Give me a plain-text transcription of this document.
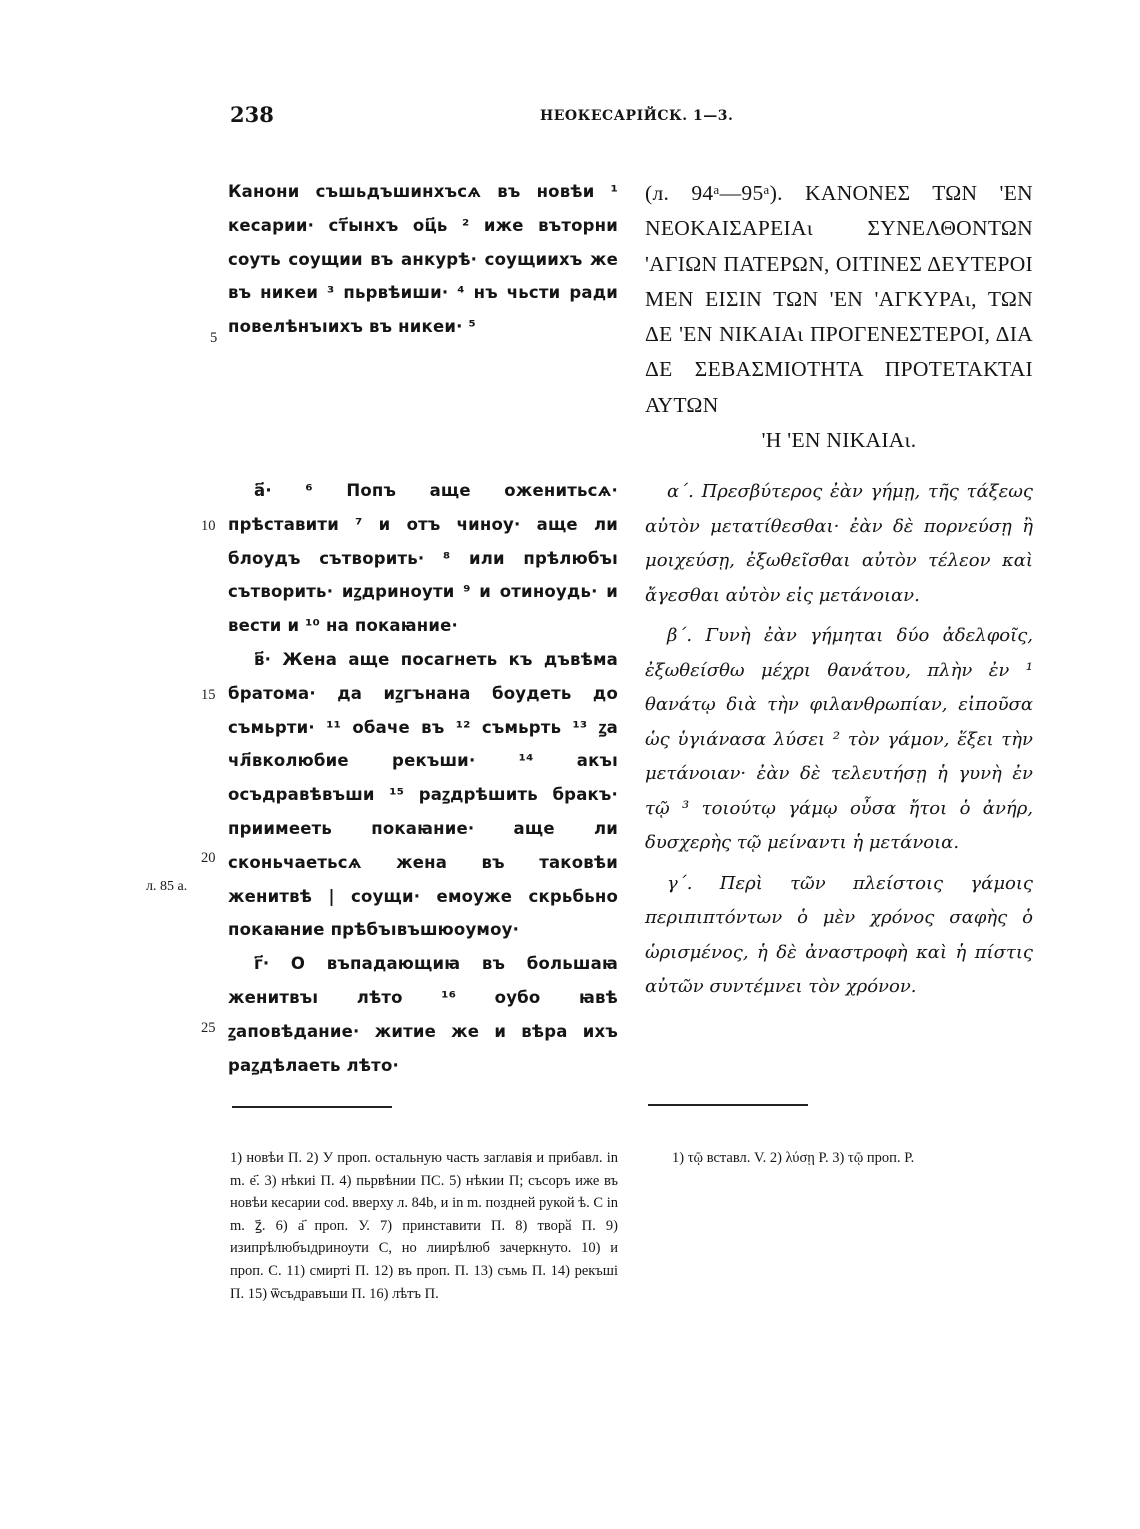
238	НЕОКЕСАРІЙСК. 1—3.

Канони съшьдъшинхъсѧ въ новѣи ¹ кесарии· ст҃ынхъ оц҃ь ² иже въторни соуть соущии въ анкурѣ· соущиихъ же въ никеи ³ пьрвѣиши· ⁴ нъ чьсти ради повелѣнъıихъ въ никеи· ⁵

а҃· ⁶ Попъ аще оженитьсѧ· прѣставити ⁷ и отъ чиноу· аще ли блоудъ сътворить· ⁸ или прѣлюбъı сътворить· иꙁдриноути ⁹ и отиноудь· и вести и ¹⁰ на покаꙗние·

в҃· Жена аще посагнеть къ дъвѣма братома· да иꙁгънана боудеть до съмьрти· ¹¹ обаче въ ¹² съмьрть ¹³ ꙁа чл҃вколюбие рекъши· ¹⁴ акъı осъдравѣвъши ¹⁵ раꙁдрѣшить бракъ· приимееть покаꙗние· аще ли сконьчаетьсѧ жена въ таковѣи женитвѣ | соущи· емоуже скрьбьно покаꙗние прѣбъıвъшюоумоу·

г҃· О въпадающиꙗ въ большаꙗ женитвъı лѣто ¹⁶ оубо ꙗвѣ ꙁаповѣдание· житие же и вѣра ихъ раꙁдѣлаеть лѣто·

5
10
15
20
25
л. 85 а.
(л. 94ᵃ—95ᵃ). ΚΑΝΟΝΕΣ ΤΩΝ 'ΕΝ ΝΕΟΚΑΙΣΑΡΕΙΑι ΣΥΝΕΛΘΟΝΤΩΝ 'ΑΓΙΩΝ ΠΑΤΕΡΩΝ, ΟΙΤΙΝΕΣ ΔΕΥΤΕΡΟΙ ΜΕΝ ΕΙΣΙΝ ΤΩΝ 'ΕΝ 'ΑΓΚΥΡΑι, ΤΩΝ ΔΕ 'ΕΝ ΝΙΚΑΙΑι ΠΡΟΓΕΝΕΣΤΕΡΟΙ, ΔΙΑ ΔΕ ΣΕΒΑΣΜΙΟΤΗΤΑ ΠΡΟΤΕΤΑΚΤΑΙ ΑΥΤΩΝ
'Η 'ΕΝ ΝΙΚΑΙΑι.

α΄. Πρεσβύτερος ἐὰν γήμῃ, τῆς τάξεως αὐτὸν μετατίθεσθαι· ἐὰν δὲ πορνεύσῃ ἢ μοιχεύσῃ, ἐξωθεῖσθαι αὐτὸν τέλεον καὶ ἄγεσθαι αὐτὸν εἰς μετάνοιαν.

β΄. Γυνὴ ἐὰν γήμηται δύο ἀδελφοῖς, ἐξωθείσθω μέχρι θανάτου, πλὴν ἐν ¹ θανάτῳ διὰ τὴν φιλανθρωπίαν, εἰποῦσα ὡς ὑγιάνασα λύσει ² τὸν γάμον, ἕξει τὴν μετάνοιαν· ἐὰν δὲ τελευτήσῃ ἡ γυνὴ ἐν τῷ ³ τοιούτῳ γάμῳ οὖσα ἤτοι ὁ ἀνήρ, δυσχερὴς τῷ μείναντι ἡ μετάνοια.

γ΄. Περὶ τῶν πλείστοις γάμοις περιπιπτόντων ὁ μὲν χρόνος σαφὴς ὁ ὡρισμένος, ἡ δὲ ἀναστροφὴ καὶ ἡ πίστις αὐτῶν συντέμνει τὸν χρόνον.

1) новѣи П. 2) У проп. остальную часть заглавія и прибавл. in m. е҃. 3) нѣкиі П. 4) пьрвѣнии ПС. 5) нѣкии П; съсоръ иже въ новѣи кесарии cod. вверху л. 84b, и in m. поздней рукой ѣ. С in m. ꙁ҃. 6) а҃ проп. У. 7) принставити П. 8) творӑ П. 9) изипрѣлюбъıдриноути С, но лиирѣлюб зачеркнуто. 10) и проп. С. 11) смирті П. 12) въ проп. П. 13) съмь П. 14) рекъші П. 15) ѿсъдравъши П. 16) лѣтъ П.
1) τῷ вставл. V. 2) λύσῃ P. 3) τῷ проп. P.
